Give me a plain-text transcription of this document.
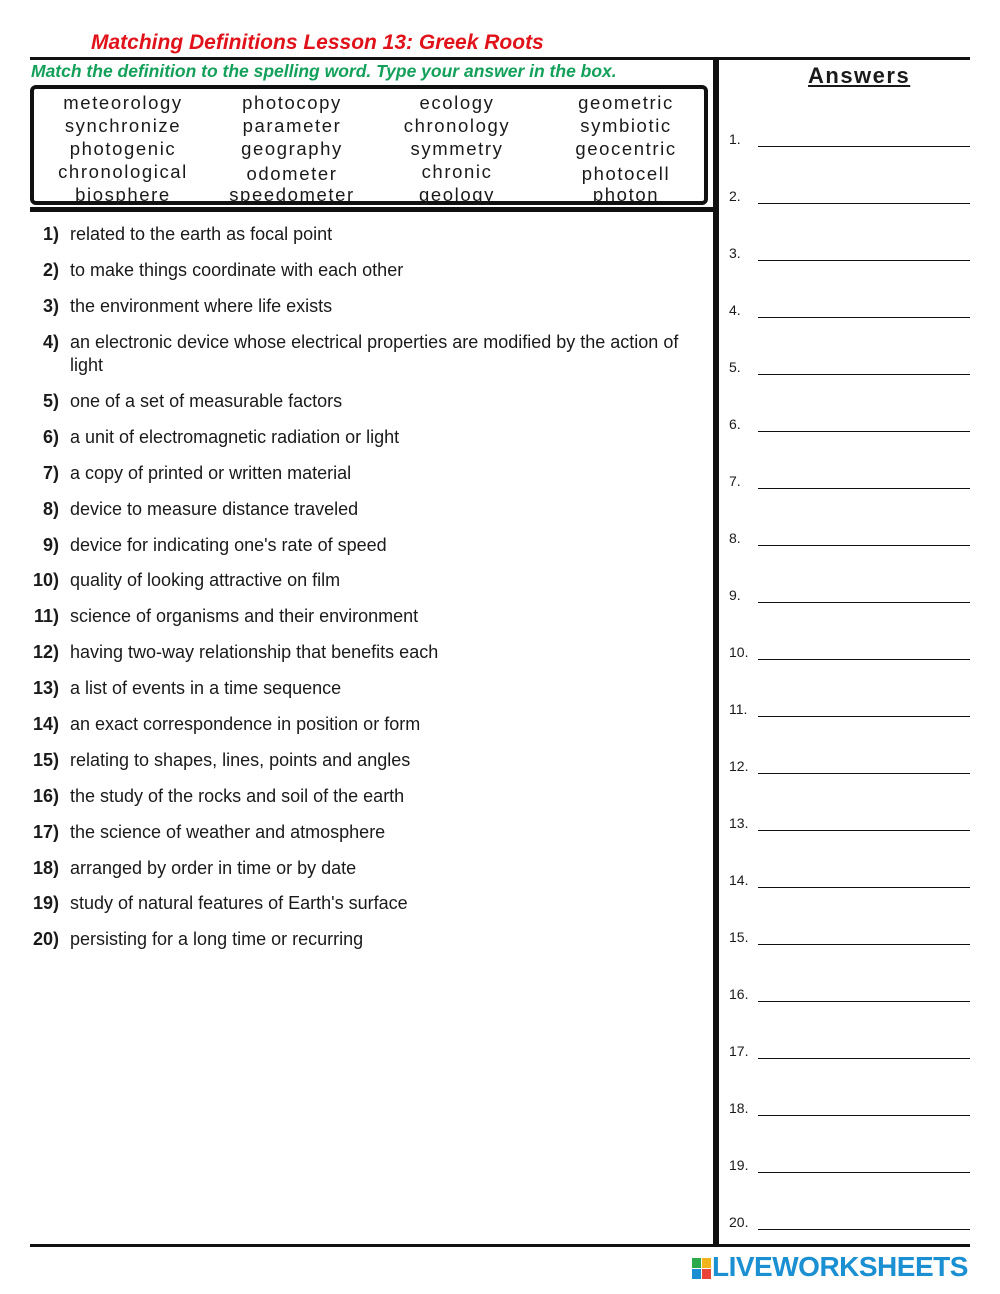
Matching Definitions Lesson 13: Greek Roots
Match the definition to the spelling word. Type your answer in the box.
meteorology	photocopy	ecology	geometric
synchronize	parameter	chronology	symbiotic
photogenic	geography	symmetry	geocentric
chronological	odometer	chronic	photocell
biosphere	speedometer	geology	photon
1) related to the earth as focal point
2) to make things coordinate with each other
3) the environment where life exists
4) an electronic device whose electrical properties are modified by the action of light
5) one of a set of measurable factors
6) a unit of electromagnetic radiation or light
7) a copy of printed or written material
8) device to measure distance traveled
9) device for indicating one's rate of speed
10) quality of looking attractive on film
11) science of organisms and their environment
12) having two-way relationship that benefits each
13) a list of events in a time sequence
14) an exact correspondence in position or form
15) relating to shapes, lines, points and angles
16) the study of the rocks and soil of the earth
17) the science of weather and atmosphere
18) arranged by order in time or by date
19) study of natural features of Earth's surface
20) persisting for a long time or recurring
Answers
1.
2.
3.
4.
5.
6.
7.
8.
9.
10.
11.
12.
13.
14.
15.
16.
17.
18.
19.
20.
LIVEWORKSHEETS
